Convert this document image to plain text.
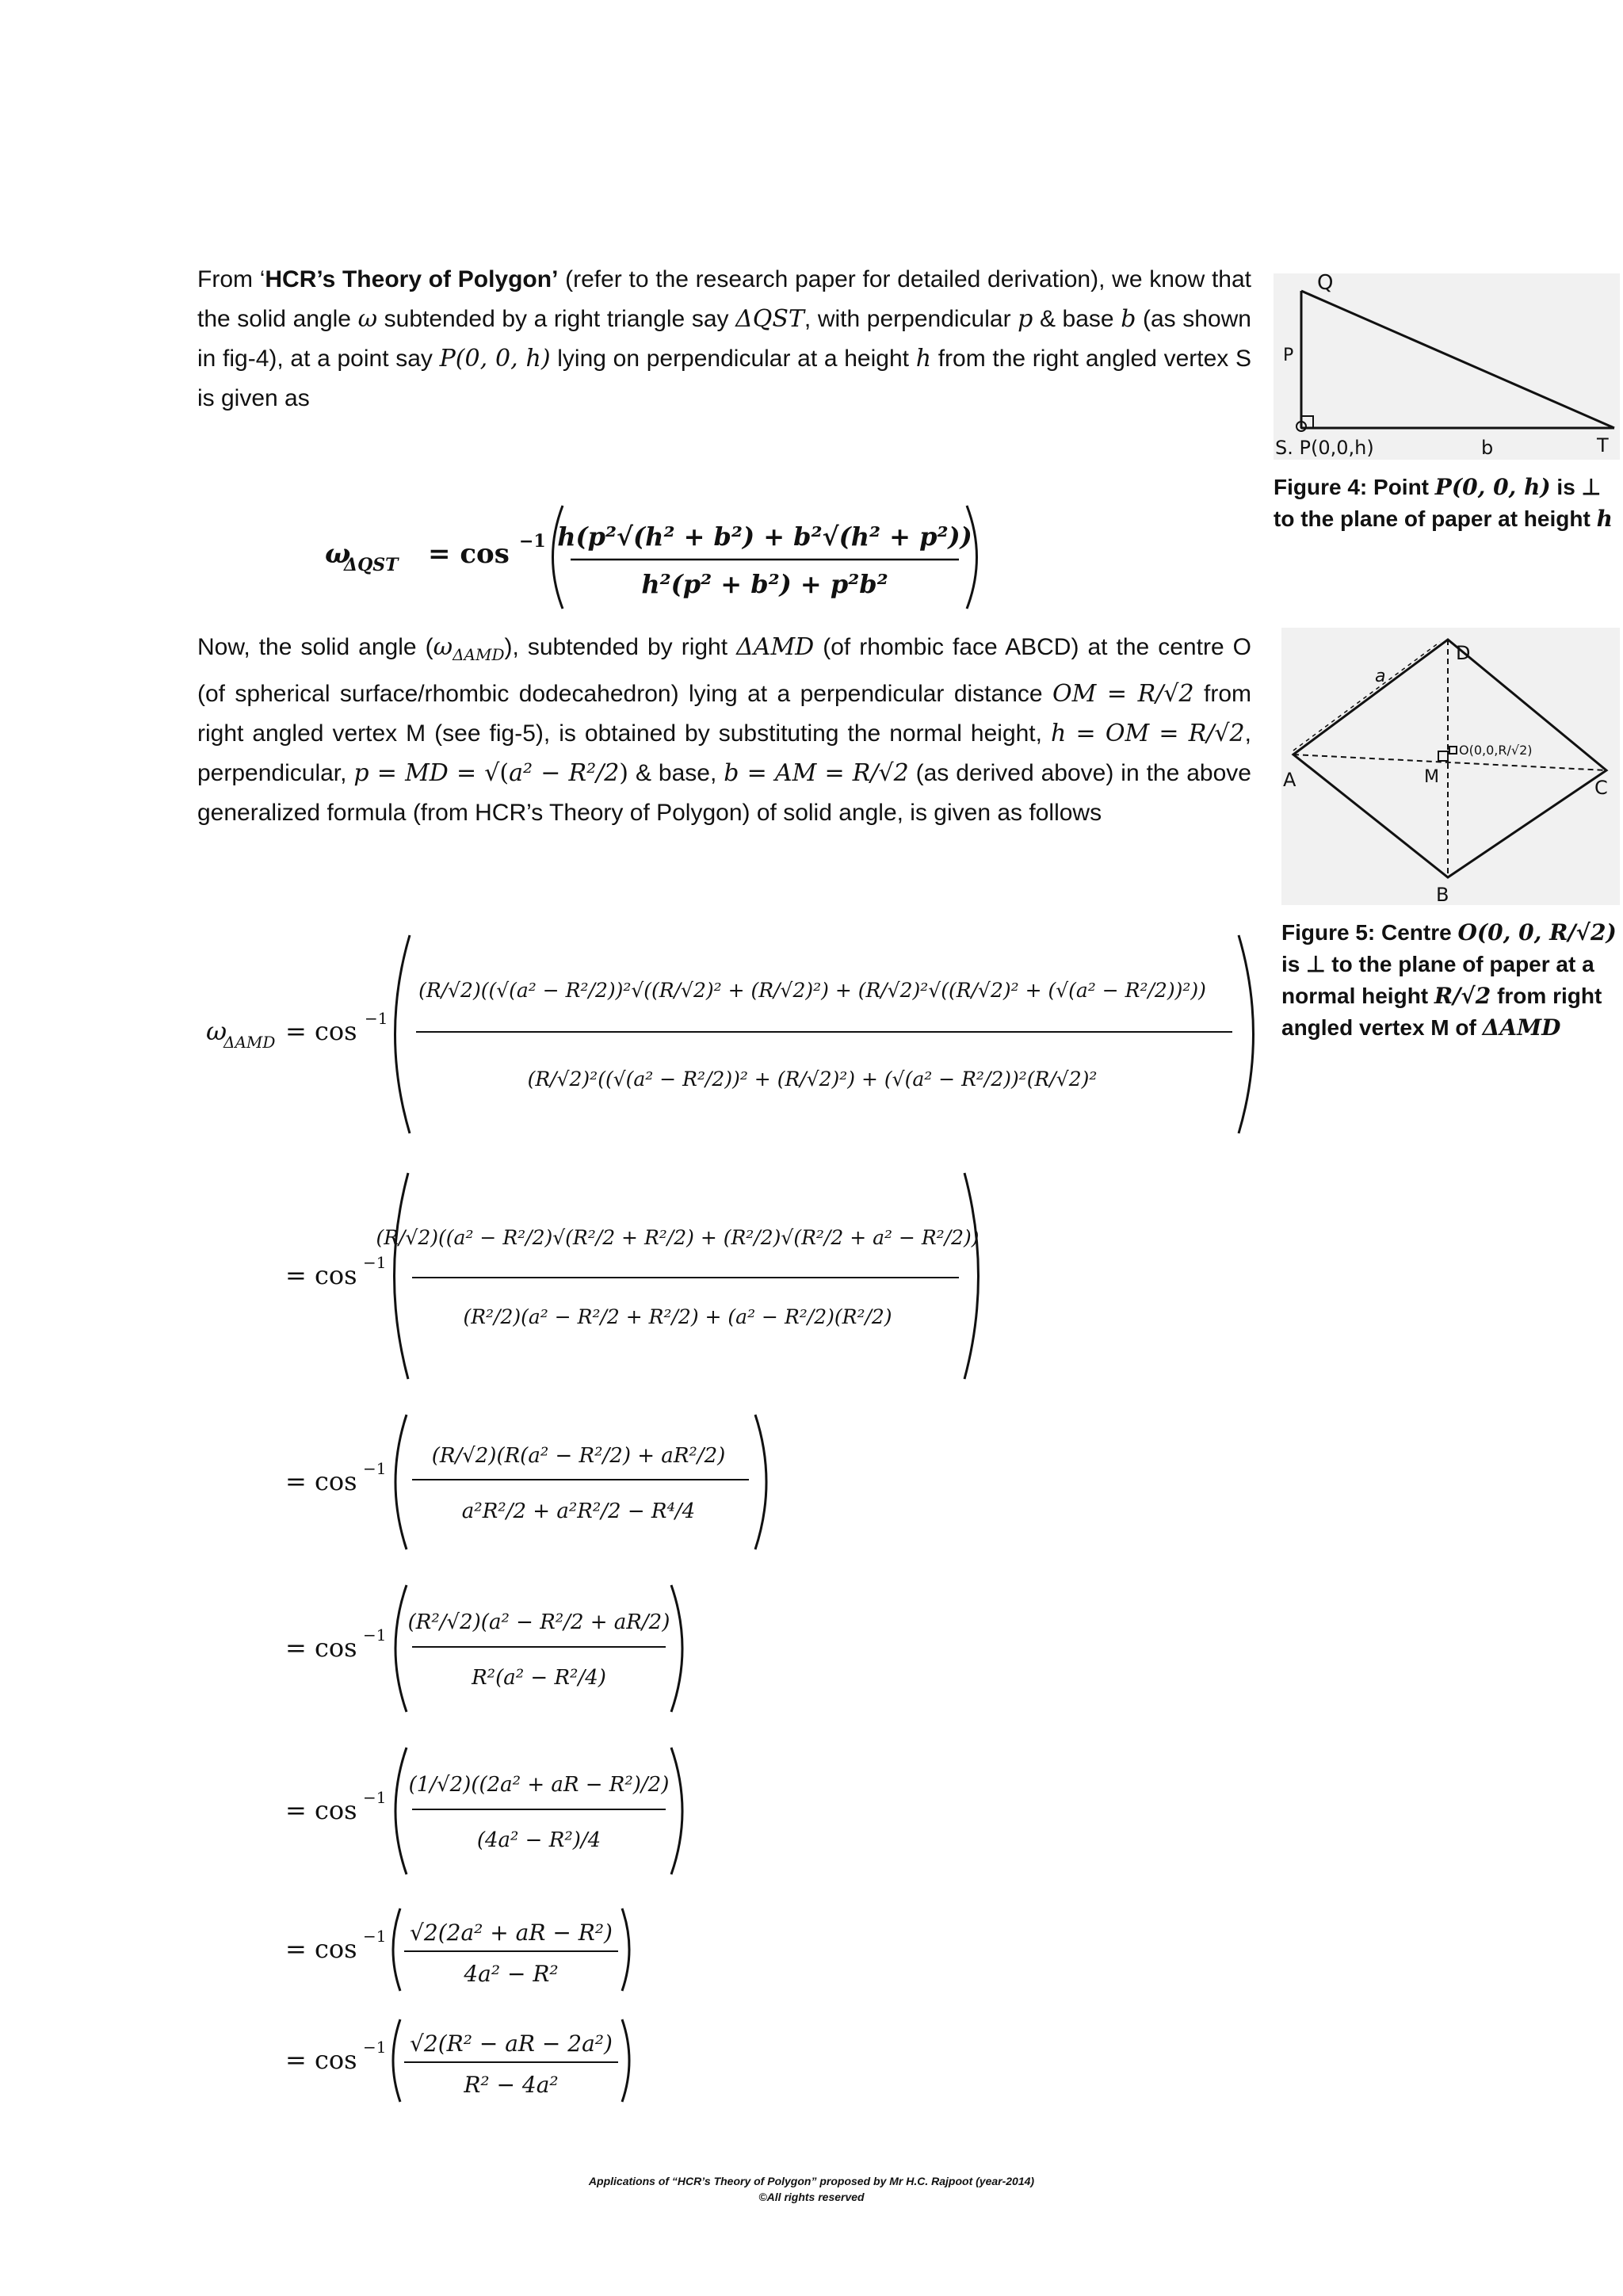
From ‘HCR’s Theory of Polygon’ (refer to the research paper for detailed derivation), we know that the solid angle ω subtended by a right triangle say ΔQST, with perpendicular p & base b (as shown in fig-4), at a point say P(0, 0, h) lying on perpendicular at a height h from the right angled vertex S is given as
ω
ΔQST = cos −1 h(p²√(h² + b²) + b²√(h² + p²))
h²(p² + b²) + p²b²
Now, the solid angle $(\omega_{\Delta AMD})$, subtended by right ΔAMD (of rhombic face ABCD) at the centre O (of spherical surface/rhombic dodecahedron) lying at a perpendicular distance OM = R/√2 from right angled vertex M (see fig-5), is obtained by substituting the normal height, h = OM = R/√2, perpendicular, p = MD = √(a² − R²/2) & base, b = AM = R/√2 (as derived above) in the above generalized formula (from HCR’s Theory of Polygon) of solid angle, is given as follows
ω
ΔAMD = cos −1
(R/√2)((√(a² − R²/2))²√((R/√2)² + (R/√2)²) + (R/√2)²√((R/√2)² + (√(a² − R²/2))²))
(R/√2)²((√(a² − R²/2))² + (R/√2)²) + (√(a² − R²/2))²(R/√2)²
= cos −1
(R/√2)((a² − R²/2)√(R²/2 + R²/2) + (R²/2)√(R²/2 + a² − R²/2))
(R²/2)(a² − R²/2 + R²/2) + (a² − R²/2)(R²/2)
= cos −1
(R/√2)(R(a² − R²/2) + aR²/2)
a²R²/2 + a²R²/2 − R⁴/4
= cos −1
(R²/√2)(a² − R²/2 + aR/2)
R²(a² − R²/4)
= cos −1
(1/√2)((2a² + aR − R²)/2)
(4a² − R²)/4
= cos −1 √2(2a² + aR − R²)
4a² − R²
= cos −1 √2(R² − aR − 2a²)
R² − 4a²
Q
P
S. P(0,0,h)	b	T
Figure 4: Point P(0, 0, h) is ⊥ to the plane of paper at height h
A
D
C
B
M
a
O(0,0,R/√2)
Figure 5: Centre O(0, 0, R/√2) is ⊥ to the plane of paper at a normal height R/√2 from right angled vertex M of ΔAMD
Applications of “HCR’s Theory of Polygon” proposed by Mr H.C. Rajpoot (year-2014)
©All rights reserved
